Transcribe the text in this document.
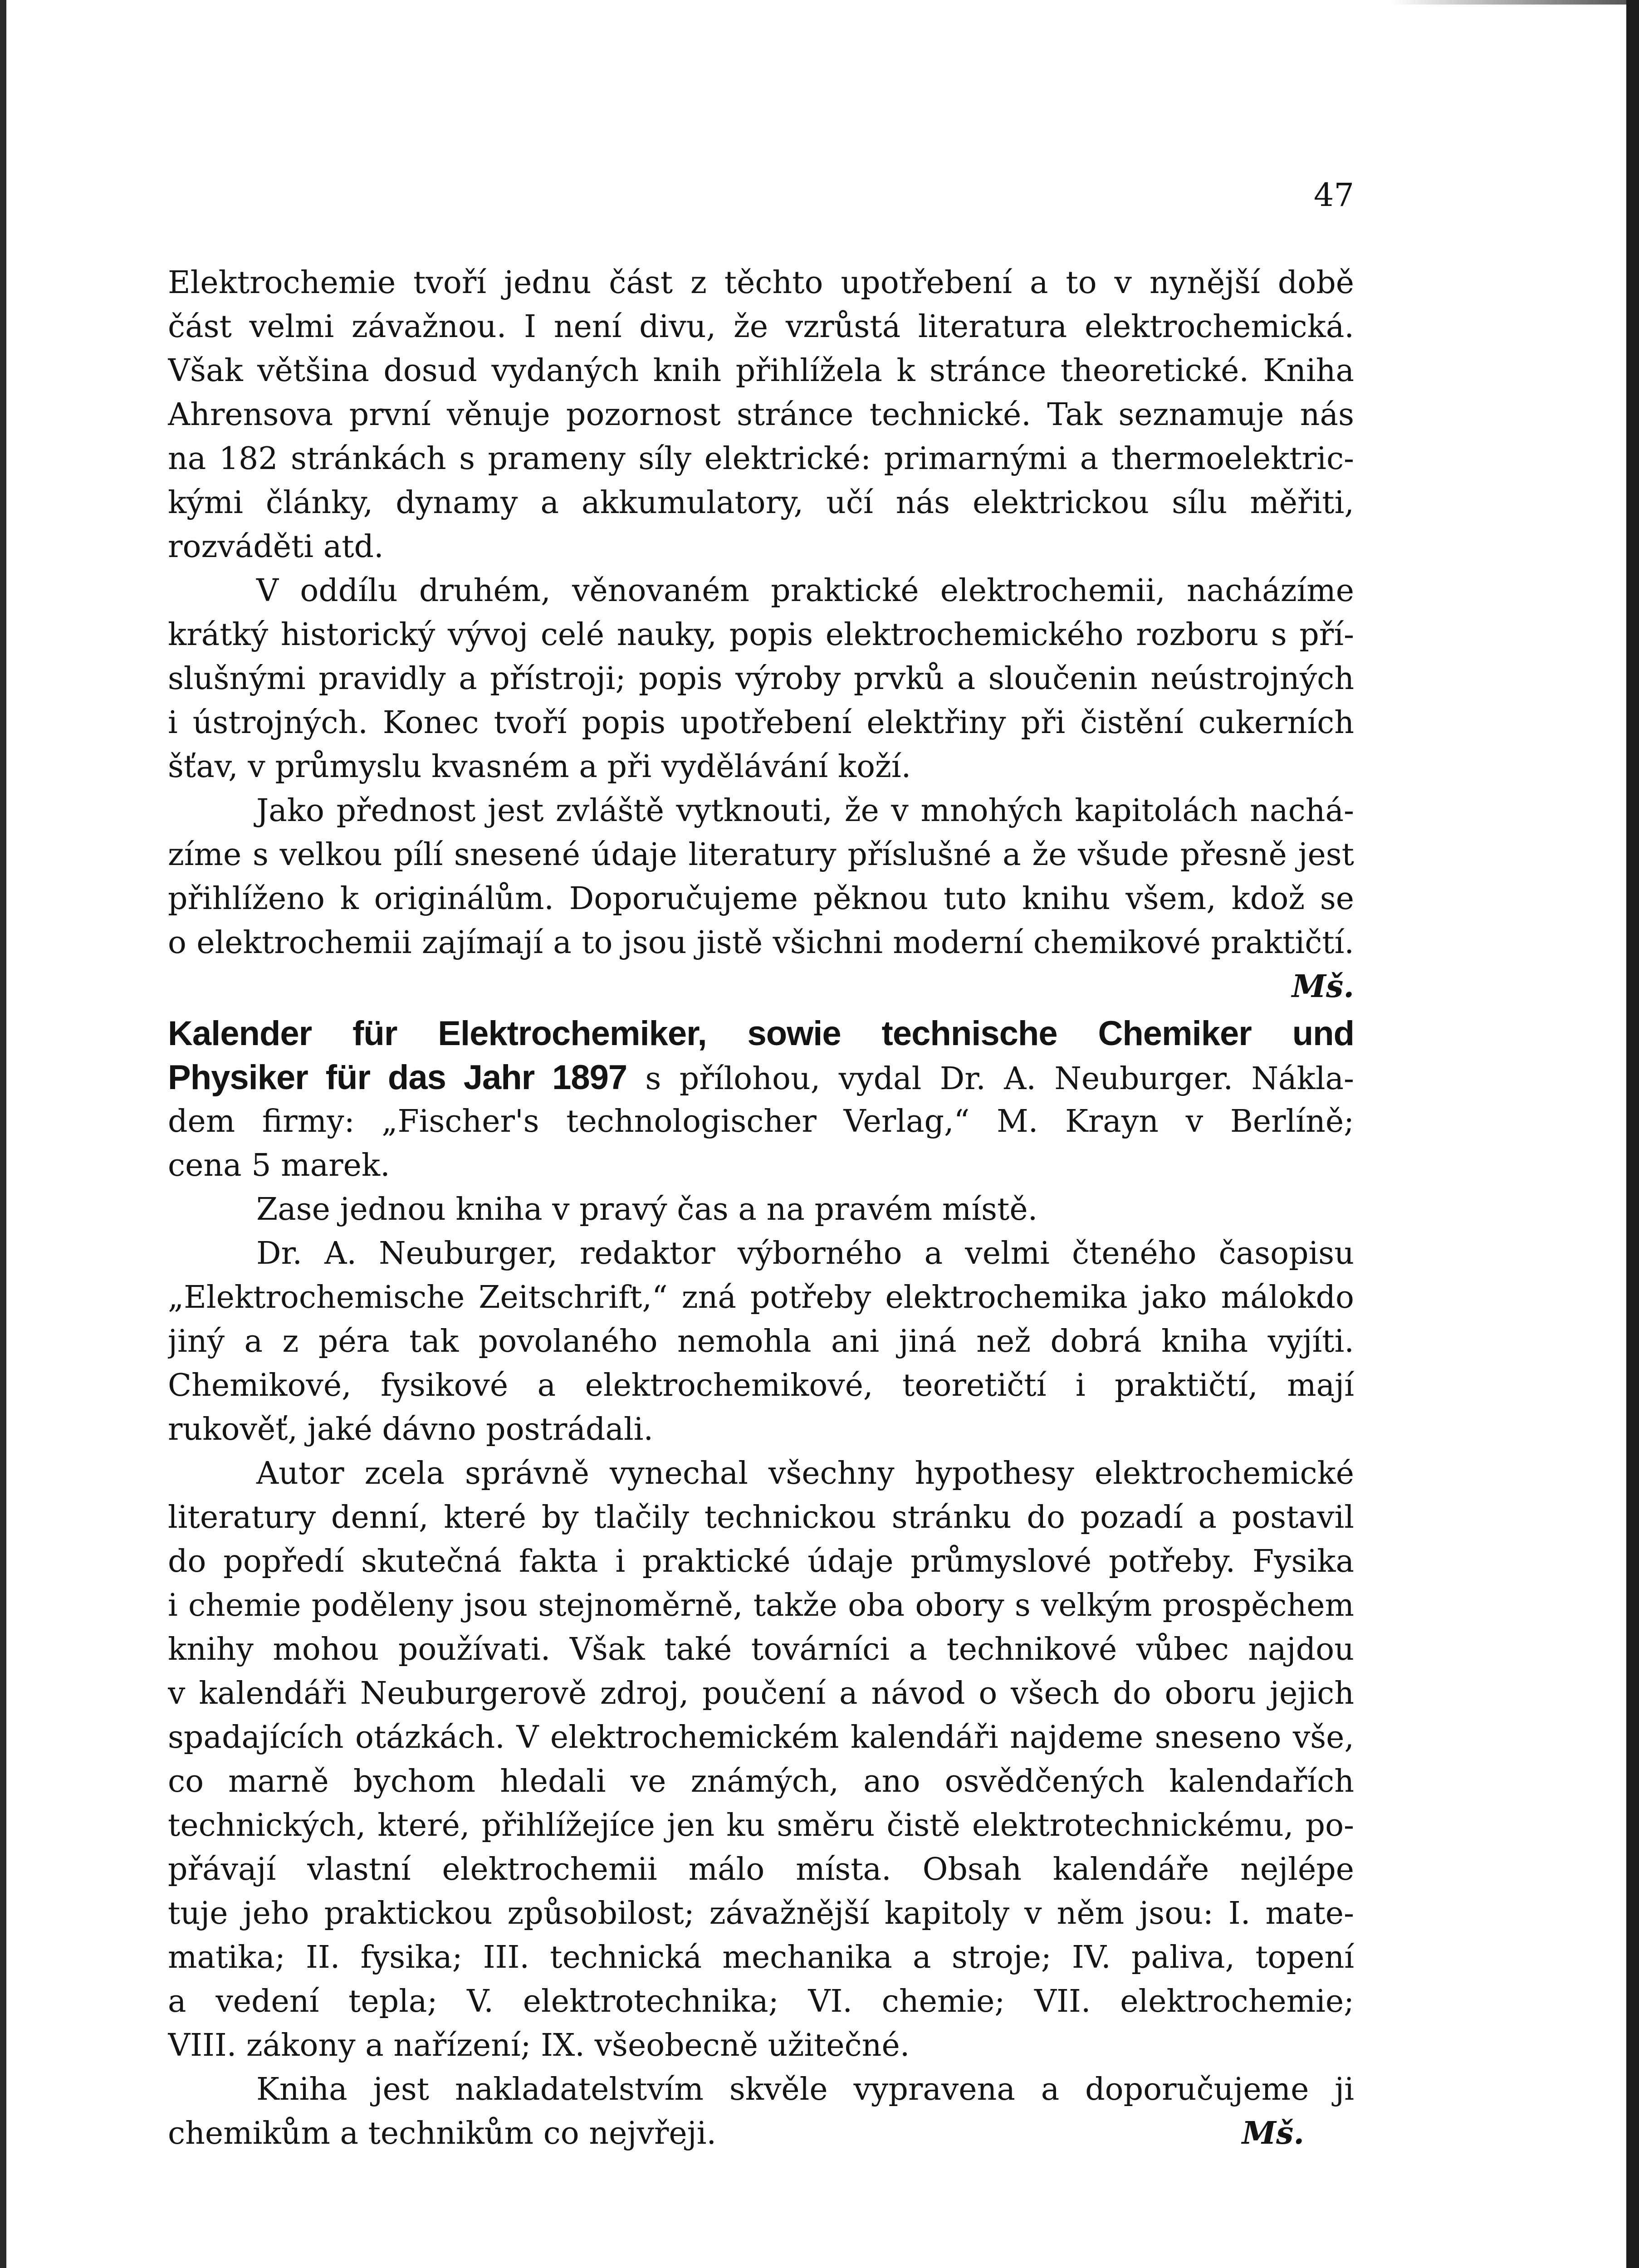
47
Elektrochemie tvoří jednu část z těchto upotřebení a to v nynější době
část velmi závažnou. I není divu, že vzrůstá literatura elektrochemická.
Však většina dosud vydaných knih přihlížela k stránce theoretické. Kniha
Ahrensova první věnuje pozornost stránce technické. Tak seznamuje nás
na 182 stránkách s prameny síly elektrické: primarnými a thermoelektric-
kými články, dynamy a akkumulatory, učí nás elektrickou sílu měřiti,
rozváděti atd.
V oddílu druhém, věnovaném praktické elektrochemii, nacházíme
krátký historický vývoj celé nauky, popis elektrochemického rozboru s pří-
slušnými pravidly a přístroji; popis výroby prvků a sloučenin neústrojných
i ústrojných. Konec tvoří popis upotřebení elektřiny při čistění cukerních
šťav, v průmyslu kvasném a při vydělávání koží.
Jako přednost jest zvláště vytknouti, že v mnohých kapitolách nachá-
zíme s velkou pílí snesené údaje literatury příslušné a že všude přesně jest
přihlíženo k originálům. Doporučujeme pěknou tuto knihu všem, kdož se
o elektrochemii zajímají a to jsou jistě všichni moderní chemikové praktičtí.
Mš.
Kalender für Elektrochemiker, sowie technische Chemiker und
Physiker für das Jahr 1897 s přílohou, vydal Dr. A. Neuburger. Nákla-
dem firmy: „Fischer's technologischer Verlag,“ M. Krayn v Berlíně;
cena 5 marek.
Zase jednou kniha v pravý čas a na pravém místě.
Dr. A. Neuburger, redaktor výborného a velmi čteného časopisu
„Elektrochemische Zeitschrift,“ zná potřeby elektrochemika jako málokdo
jiný a z péra tak povolaného nemohla ani jiná než dobrá kniha vyjíti.
Chemikové, fysikové a elektrochemikové, teoretičtí i praktičtí, mají
rukověť, jaké dávno postrádali.
Autor zcela správně vynechal všechny hypothesy elektrochemické
literatury denní, které by tlačily technickou stránku do pozadí a postavil
do popředí skutečná fakta i praktické údaje průmyslové potřeby. Fysika
i chemie poděleny jsou stejnoměrně, takže oba obory s velkým prospěchem
knihy mohou používati. Však také továrníci a technikové vůbec najdou
v kalendáři Neuburgerově zdroj, poučení a návod o všech do oboru jejich
spadajících otázkách. V elektrochemickém kalendáři najdeme sneseno vše,
co marně bychom hledali ve známých, ano osvědčených kalendařích
technických, které, přihlížejíce jen ku směru čistě elektrotechnickému, po-
přávají vlastní elektrochemii málo místa. Obsah kalendáře nejlépe
tuje jeho praktickou způsobilost; závažnější kapitoly v něm jsou: I. mate-
matika; II. fysika; III. technická mechanika a stroje; IV. paliva, topení
a vedení tepla; V. elektrotechnika; VI. chemie; VII. elektrochemie;
VIII. zákony a nařízení; IX. všeobecně užitečné.
Kniha jest nakladatelstvím skvěle vypravena a doporučujeme ji
chemikům a technikům co nejvřeji.	Mš.
